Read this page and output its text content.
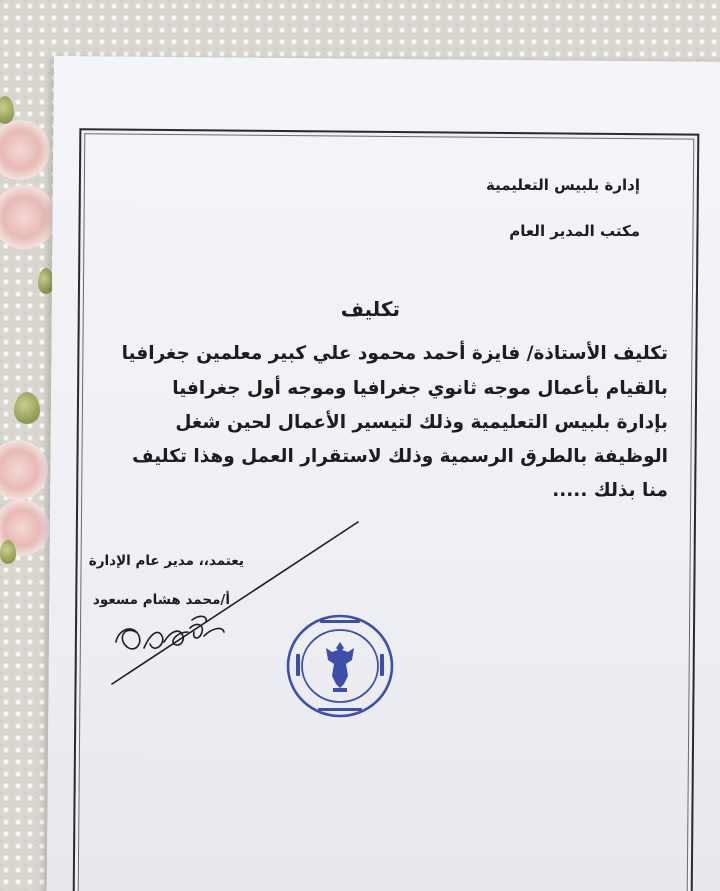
إدارة بلبيس التعليمية
مكتب المدير العام
تكليف
تكليف الأستاذة/ فايزة أحمد محمود علي كبير معلمين جغرافيا
بالقيام بأعمال موجه ثانوي جغرافيا وموجه أول جغرافيا
بإدارة بلبيس التعليمية وذلك لتيسير الأعمال لحين شغل
الوظيفة بالطرق الرسمية وذلك لاستقرار العمل وهذا تكليف
منا بذلك .....
يعتمد،، مدير عام الإدارة
أ/محمد هشام مسعود
